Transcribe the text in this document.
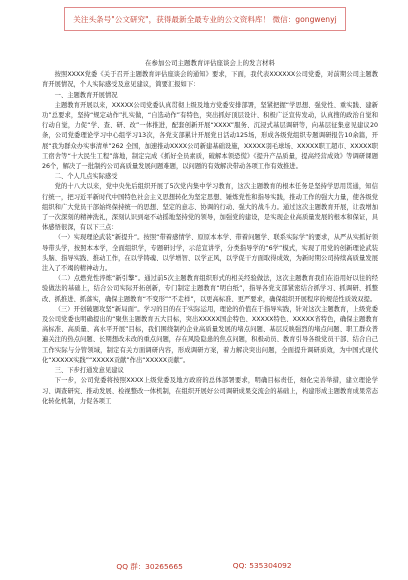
关注头条号"公文研究"，获得最新全最专业的公文资料库！ 微信：gongwenyj
在参加公司主题教育评估座谈会上的发言材料

按照XXXX党委《关于召开主题教育评估座谈会的通知》要求，下面，我代表XXXXXX公司党委，对前期公司主题教育开展情况，个人实际感受及意见建议，简要汇报如下：

一、主题教育开展情况

主题教育开展以来，XXXXX公司党委认真贯彻上级及地方党委安排部署，坚紧把握“学思想、强党性、重实践、建新功”总要求，坚持“规定动作”扎实做，“自选动作”有特色，突出抓好顶层设计、积极广泛宣传发动，认真搜的政治自觉和行动自觉，力促“学、查、研、改”一体推进，配套创新开展“XXXX”服务、沉浸式基层调研等，向基层征集意见建议20条，公司党委理论学习中心组学习13次，各党支部累计开展党日活动125场，形成各级党组织专题调研报告10余篇，开展“我为群众办实事清单”262 全国，加速推动XXXX公司新建基础设施，XXXXX羽毛球场、XXXXX职工超市、XXXXX职工宿舍等“十大民生工程”落地，制定完成《抓好全员素质，破解本领恐慌》《提升产品质量，提高经营成效》等调研课题26个，解决了一批制约公司高质量发展问题难题，以问题的有效解决带动各项工作有效推进。

二、个人几点实际感受

党的十八大以来，党中央先后组织开展了5次党内集中学习教育，这次主题教育的根本任务是坚持学思用贯通，知信行统一，把习近平新时代中国特色社会主义思想转化为坚定思想、锤炼党性和指导实践，推动工作的强大力量，使各级党组织和广大党员干部始终保持统一的思想、坚定的意志、协调的行动、强大的战斗力。通过这次主题教育开展，让我增加了一次深刻的精神洗礼，深刻认识到毫不动摇地坚持党的领导，加强党的建设，是实现企业高质量发展的根本和保证，具体感悟很深，有以下三点：

（一）实现理论武装“新提升”。按照“带着感情学、原原本本学、带着问题学、联系实际学”的要求，从严从实抓好领导带头学，按照本本学，全面组织学，专题研讨学，示范宣讲学，分类指导学的“6学”模式，实现了用党的创新理论武装头脑、指导实践、推动工作，在以学铸魂、以学增智、以学正风，以学促干方面取得成效，为新时期公司持续高质量发展注入了不竭的精神动力。

（二）点燃党性淬炼“新引擎”。通过前5次主题教育组织形式的相关经验做法，这次主题教育我们在沿用好以往的经验做法的基础上，结合公司实际开拓创新，专门制定主题教育“明白纸”，指导各党支部紧密结合抓学习、抓调研、抓整改、抓推进、抓落实，确保主题教育“不变形”“不走样”，以更高标准、更严要求，确保组织开展程序的规范性质效双提。

（三）开创破题攻坚“新局面”。学习的目的在于实际运用，理论的价值在于指导实践，针对这次主题教育，上级党委及公司党委也明确提出的“聚焦主题教育五大目标，突出XXXXX国企特色、XXXXX特色、XXXXX省特色，确保主题教育高标准、高质量、高水平开展”目标，我们围绕制约企业高质量发展的堵点问题、基层反映强烈的堵点问题、职工群众普遍关注的热点问题、长期想改未改的重点问题，存在风险隐患的焦点问题，积极动员、教育引导各级党员干部、结合自己工作实际与分管领域，制定有关方面调研内容，形成调研方案，着力解决突出问题，全面提升调研质效，为中国式现代化“XXXXX实践”“XXXXX贡献”作出“XXXXX贡献”。

三、下步打通发意见建议

下一步，公司党委将按照XXXX上级党委及地方政府的总体部署要求，明确目标责任，细化完善举措，建立理论学习、调查研究、推动发展、检视整改一体机制，在组织开展好公司调研成果交流会的基础上，构建形成主题教育成果常态化转化机制，力促各项工

QQ 群：30265665	QQ: 535304092
